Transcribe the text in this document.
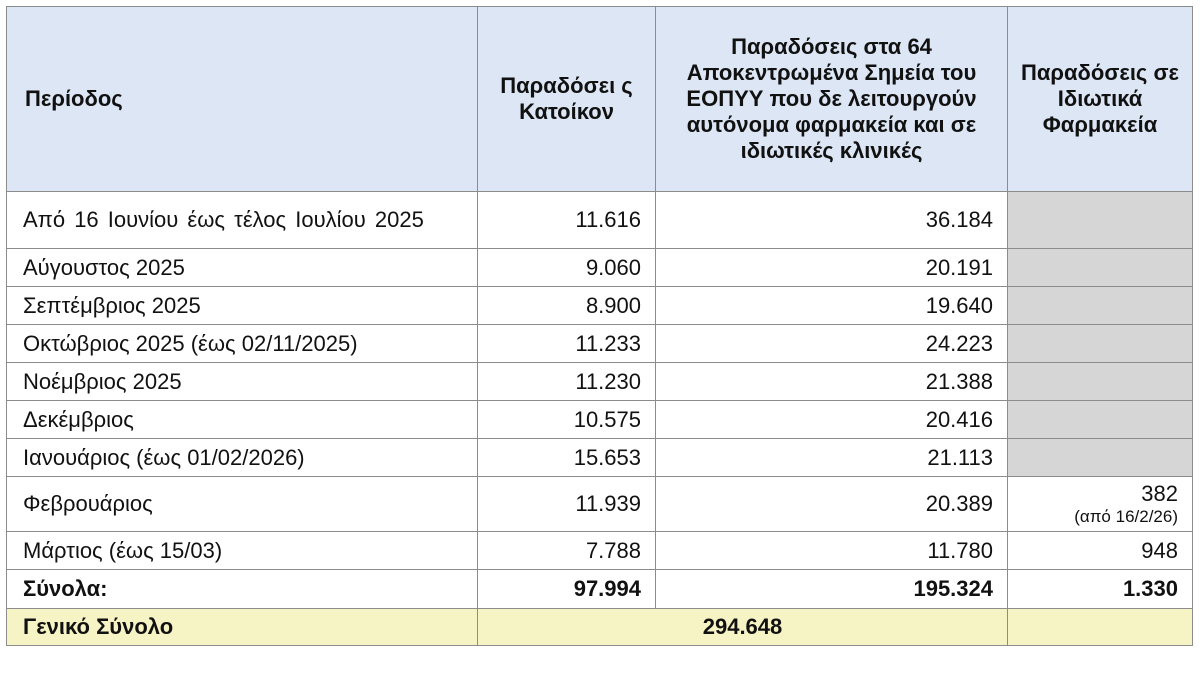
Περίοδος	Παραδόσει ς Κατοίκον	Παραδόσεις στα 64 Αποκεντρωμένα Σημεία του ΕΟΠΥΥ που δε λειτουργούν αυτόνομα φαρμακεία και σε ιδιωτικές κλινικές	Παραδόσεις σε Ιδιωτικά Φαρμακεία
Από 16 Ιουνίου έως τέλος Ιουλίου 2025	11.616	36.184	
Αύγουστος 2025	9.060	20.191	
Σεπτέμβριος 2025	8.900	19.640	
Οκτώβριος 2025 (έως 02/11/2025)	11.233	24.223	
Νοέμβριος 2025	11.230	21.388	
Δεκέμβριος	10.575	20.416	
Ιανουάριος (έως 01/02/2026)	15.653	21.113	
Φεβρουάριος	11.939	20.389	382
(από 16/2/26)

Μάρτιος (έως 15/03)	7.788	11.780	948
Σύνολα:	97.994	195.324	1.330
Γενικό Σύνολο	294.648		
